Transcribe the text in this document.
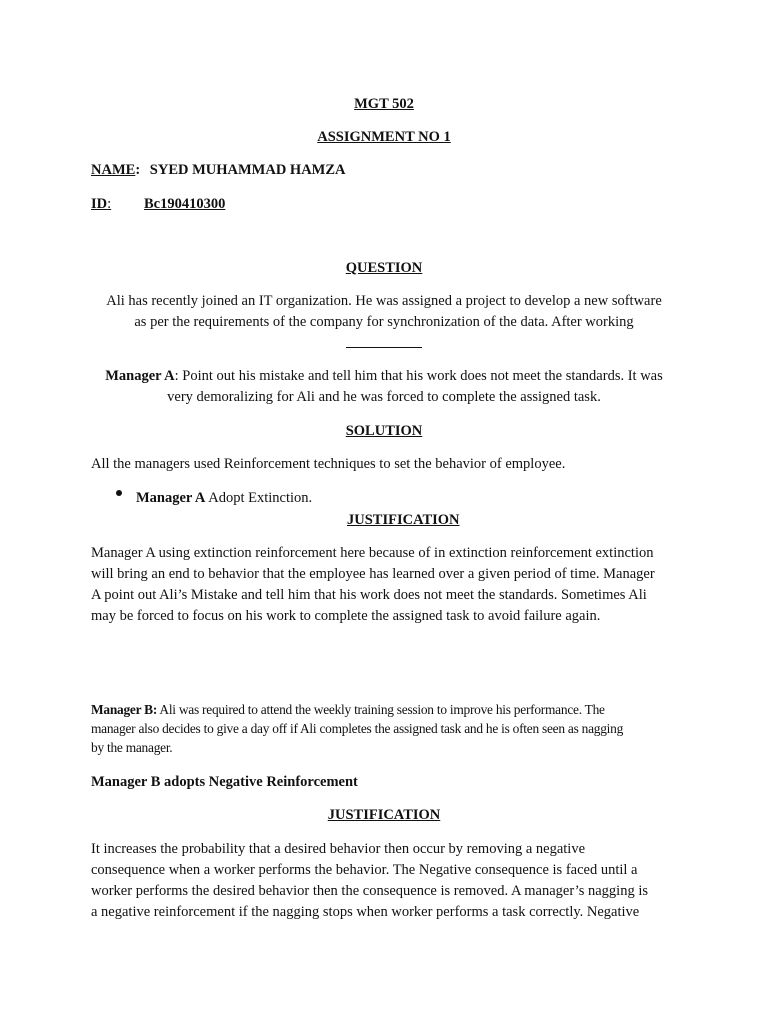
MGT 502
ASSIGNMENT NO 1
NAME: SYED MUHAMMAD HAMZA
ID: Bc190410300
QUESTION
Ali has recently joined an IT organization. He was assigned a project to develop a new software
as per the requirements of the company for synchronization of the data. After working
Manager A: Point out his mistake and tell him that his work does not meet the standards. It was
very demoralizing for Ali and he was forced to complete the assigned task.
SOLUTION
All the managers used Reinforcement techniques to set the behavior of employee.
Manager A Adopt Extinction.
JUSTIFICATION
Manager A using extinction reinforcement here because of in extinction reinforcement extinction
will bring an end to behavior that the employee has learned over a given period of time. Manager
A point out Ali’s Mistake and tell him that his work does not meet the standards. Sometimes Ali
may be forced to focus on his work to complete the assigned task to avoid failure again.
Manager B: Ali was required to attend the weekly training session to improve his performance. The
manager also decides to give a day off if Ali completes the assigned task and he is often seen as nagging
by the manager.
Manager B adopts Negative Reinforcement
JUSTIFICATION
It increases the probability that a desired behavior then occur by removing a negative
consequence when a worker performs the behavior. The Negative consequence is faced until a
worker performs the desired behavior then the consequence is removed. A manager’s nagging is
a negative reinforcement if the nagging stops when worker performs a task correctly. Negative
